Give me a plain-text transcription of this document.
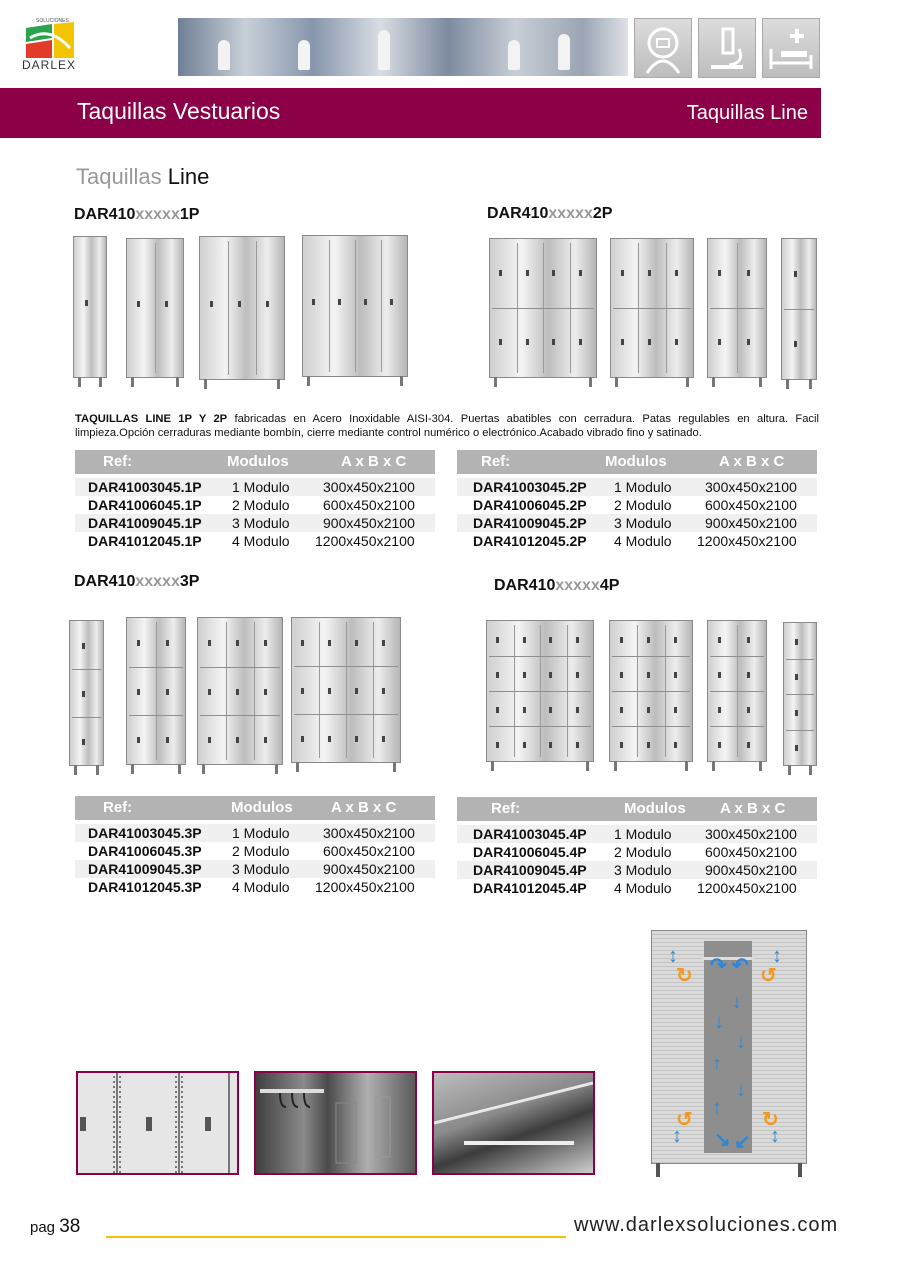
SOLUCIONES
DARLEX
Taquillas Vestuarios	Taquillas Line
Taquillas Line
DAR410xxxxx1P	DAR410xxxxx2P
DAR410xxxxx3P	DAR410xxxxx4P
TAQUILLAS LINE 1P Y 2P fabricadas en Acero Inoxidable AISI-304. Puertas abatibles con cerradura. Patas regulables en altura. Facil limpieza.Opción cerraduras mediante bombín, cierre mediante control numérico o electrónico.Acabado vibrado fino y satinado.
Ref:	Modulos	A x B x C
DAR41003045.1P 1 Modulo 300x450x2100
DAR41006045.1P 2 Modulo 600x450x2100
DAR41009045.1P 3 Modulo 900x450x2100
DAR41012045.1P 4 Modulo 1200x450x2100
Ref:	Modulos	A x B x C
DAR41003045.2P 1 Modulo 300x450x2100
DAR41006045.2P 2 Modulo 600x450x2100
DAR41009045.2P 3 Modulo 900x450x2100
DAR41012045.2P 4 Modulo 1200x450x2100
Ref:	Modulos	A x B x C
DAR41003045.3P 1 Modulo 300x450x2100
DAR41006045.3P 2 Modulo 600x450x2100
DAR41009045.3P 3 Modulo 900x450x2100
DAR41012045.3P 4 Modulo 1200x450x2100
Ref:	Modulos A x B x C
DAR41003045.4P 1 Modulo 300x450x2100
DAR41006045.4P 2 Modulo 600x450x2100
DAR41009045.4P 3 Modulo 900x450x2100
DAR41012045.4P 4 Modulo 1200x450x2100
↕	↕
↻	↺
↷ ↶
↓
↓
↓
↑
↓
↑
↺	↻
↕	↕
↘ ↙
pag 38	www.darlexsoluciones.com
